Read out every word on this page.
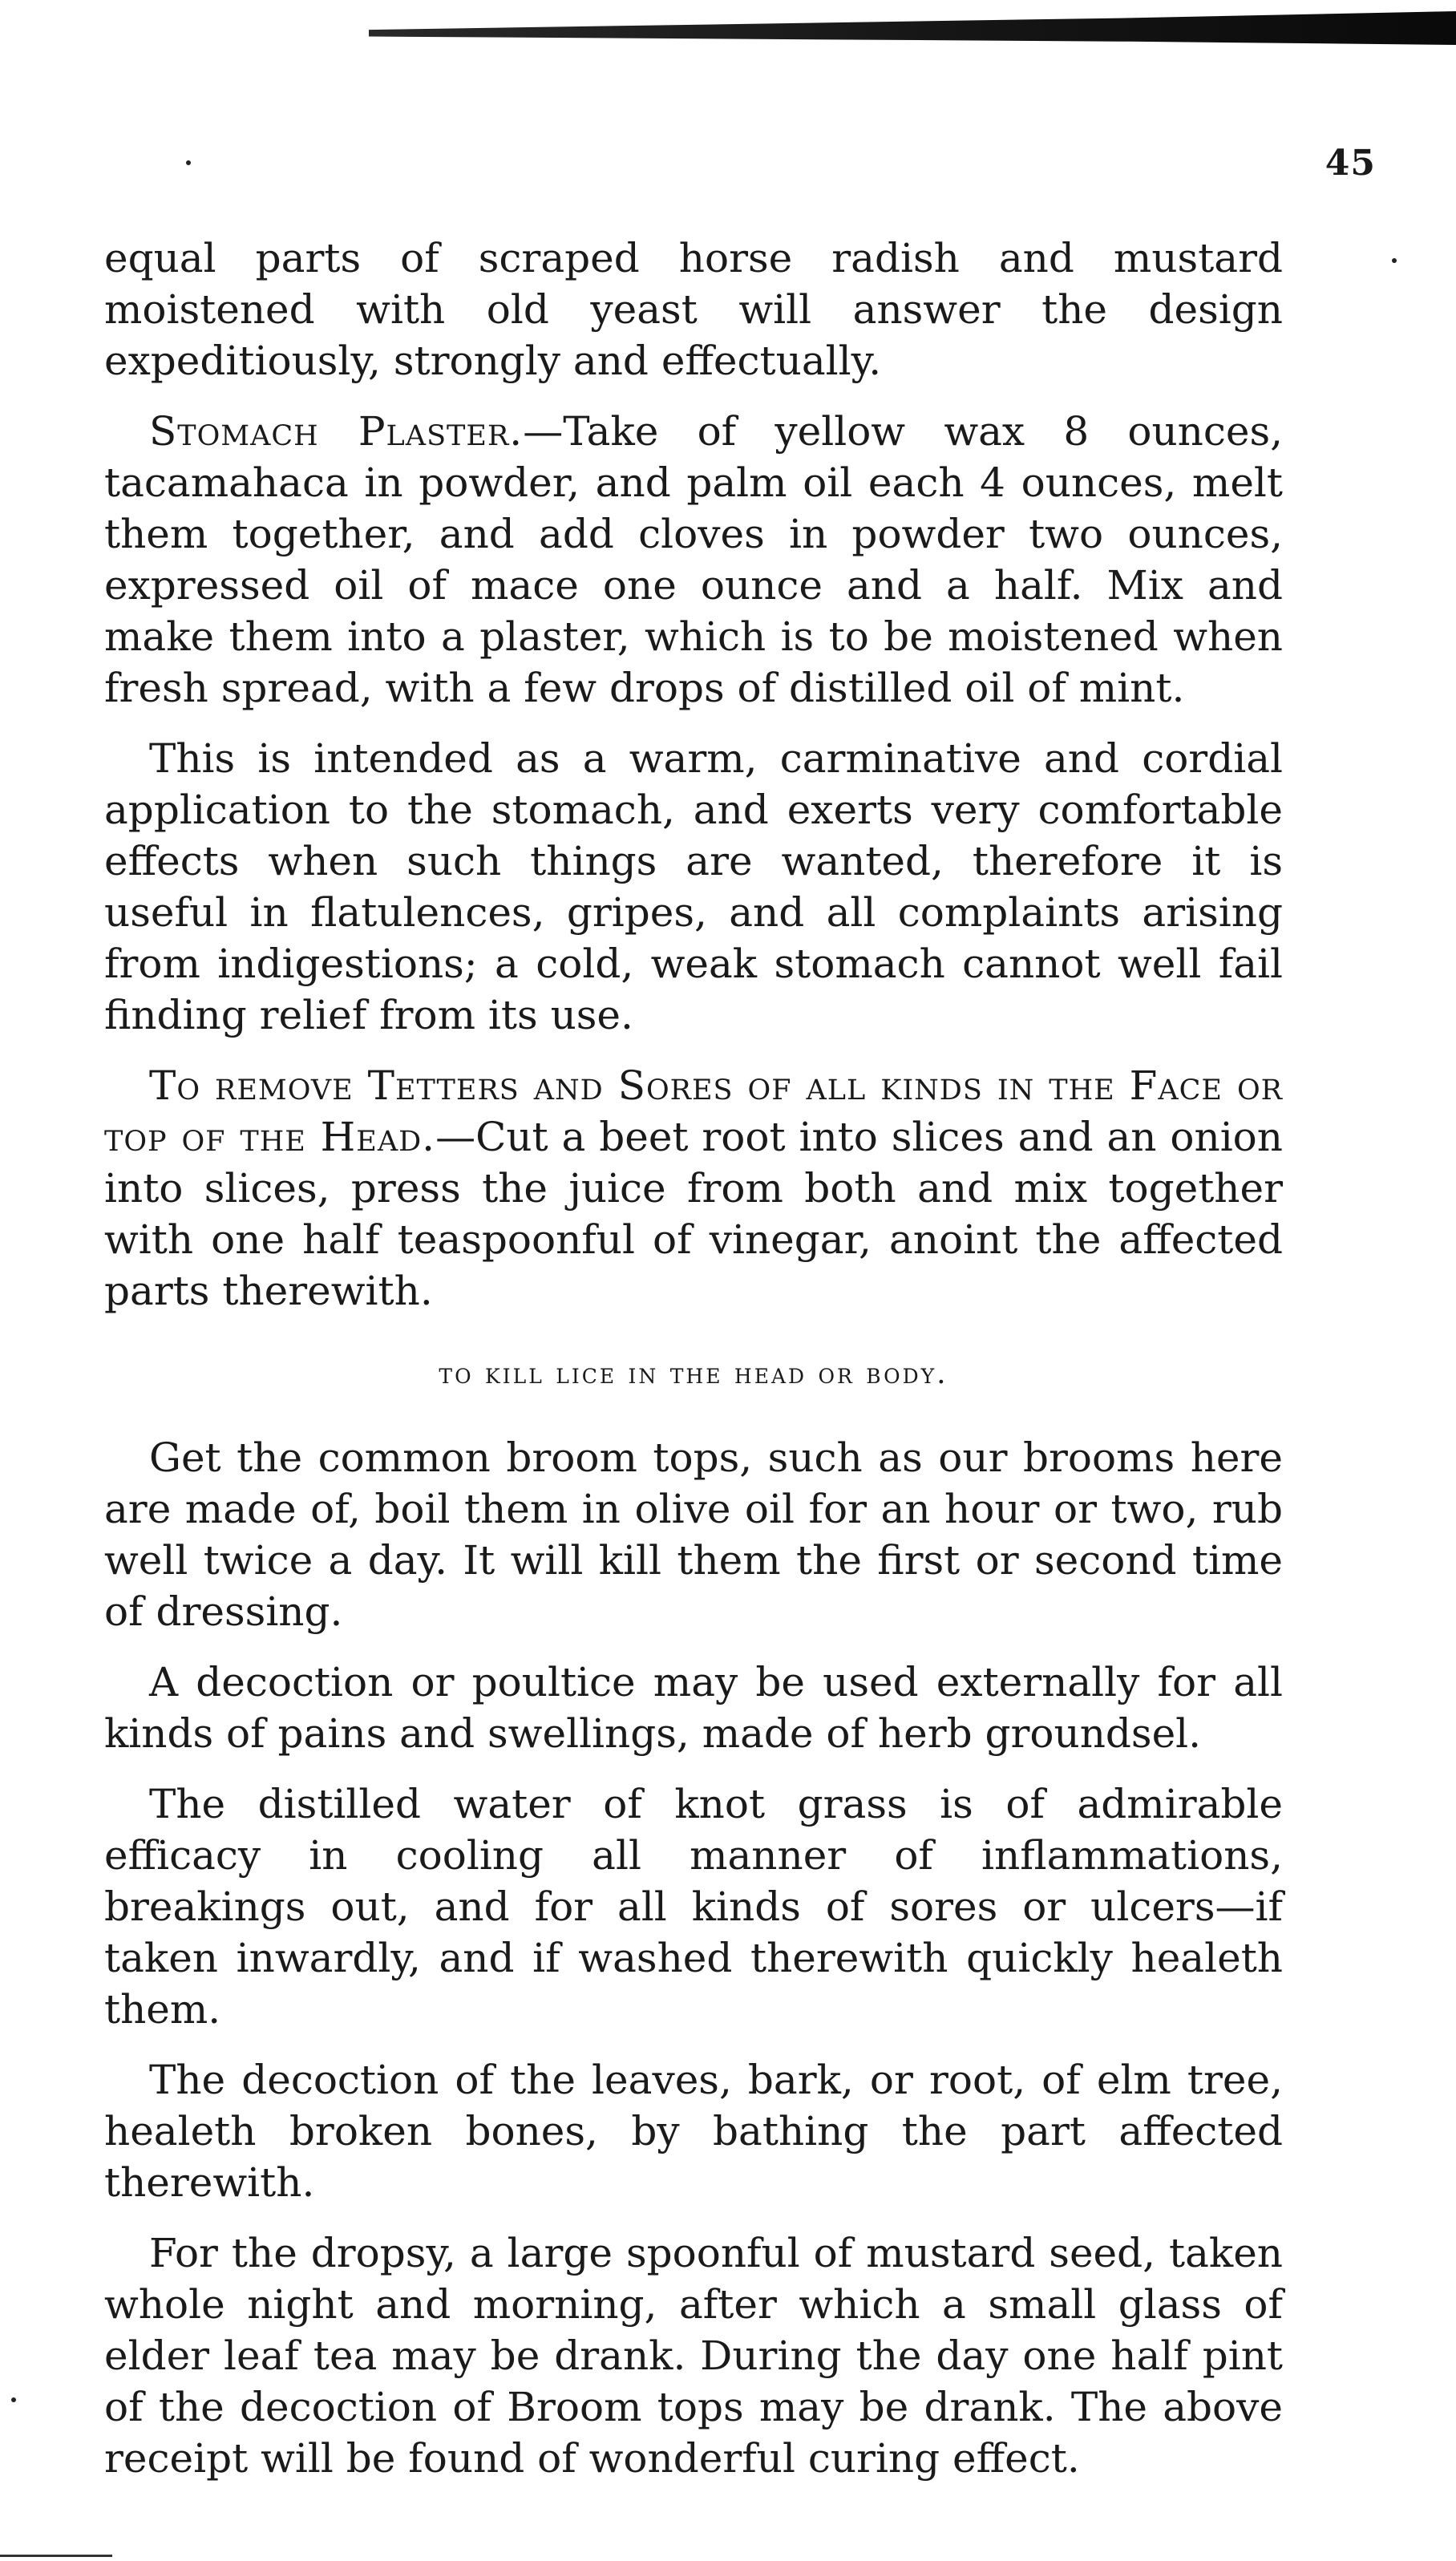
45

equal parts of scraped horse radish and mustard moistened with old yeast will answer the design expeditiously, strongly and effectually.

Stomach Plaster.—Take of yellow wax 8 ounces, tacamahaca in powder, and palm oil each 4 ounces, melt them together, and add cloves in powder two ounces, expressed oil of mace one ounce and a half. Mix and make them into a plaster, which is to be moistened when fresh spread, with a few drops of distilled oil of mint.

This is intended as a warm, carminative and cordial application to the stomach, and exerts very comfortable effects when such things are wanted, therefore it is useful in flatulences, gripes, and all complaints arising from indigestions; a cold, weak stomach cannot well fail finding relief from its use.

To remove Tetters and Sores of all kinds in the Face or top of the Head.—Cut a beet root into slices and an onion into slices, press the juice from both and mix together with one half teaspoonful of vinegar, anoint the affected parts therewith.

to kill lice in the head or body.

Get the common broom tops, such as our brooms here are made of, boil them in olive oil for an hour or two, rub well twice a day. It will kill them the first or second time of dressing.

A decoction or poultice may be used externally for all kinds of pains and swellings, made of herb groundsel.

The distilled water of knot grass is of admirable efficacy in cooling all manner of inflammations, breakings out, and for all kinds of sores or ulcers—if taken inwardly, and if washed therewith quickly healeth them.

The decoction of the leaves, bark, or root, of elm tree, healeth broken bones, by bathing the part affected therewith.

For the dropsy, a large spoonful of mustard seed, taken whole night and morning, after which a small glass of elder leaf tea may be drank. During the day one half pint of the decoction of Broom tops may be drank. The above receipt will be found of wonderful curing effect.
